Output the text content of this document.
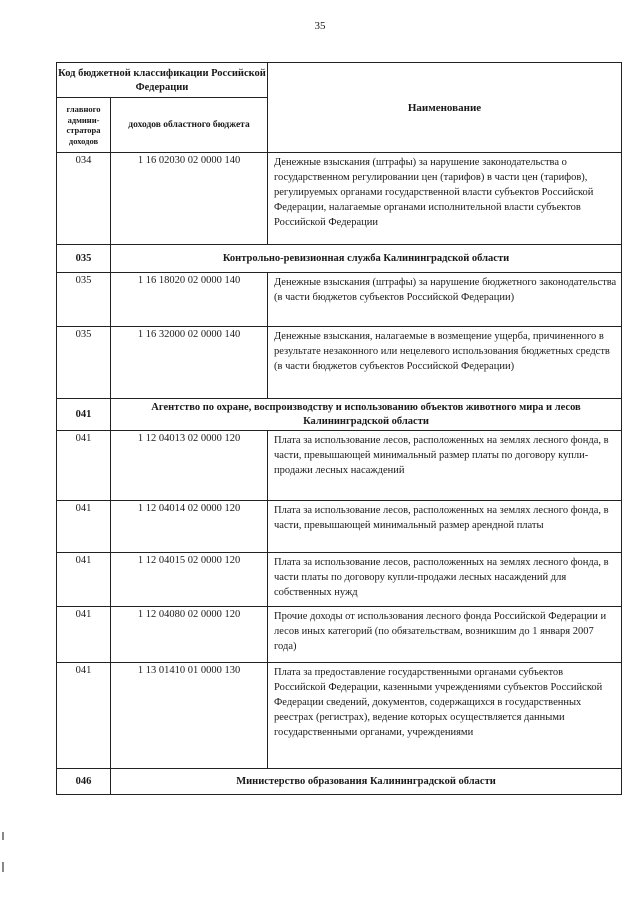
35
Код бюджетной классификации Российской Федерации		Наименование
главного админи-стратора доходов	доходов областного бюджета	
034	1 16 02030 02 0000 140	Денежные взыскания (штрафы) за нарушение законодательства о государственном регулировании цен (тарифов) в части цен (тарифов), регулируемых органами государственной власти субъектов Российской Федерации, налагаемые органами исполнительной власти субъектов Российской Федерации
035	Контрольно-ревизионная служба Калининградской области	
035	1 16 18020 02 0000 140	Денежные взыскания (штрафы) за нарушение бюджетного законодательства (в части бюджетов субъектов Российской Федерации)
035	1 16 32000 02 0000 140	Денежные взыскания, налагаемые в возмещение ущерба, причиненного в результате незаконного или нецелевого использования бюджетных средств (в части бюджетов субъектов Российской Федерации)
041	Агентство по охране, воспроизводству и использованию объектов животного мира и лесов Калининградской области	
041	1 12 04013 02 0000 120	Плата за использование лесов, расположенных на землях лесного фонда, в части, превышающей минимальный размер платы по договору купли-продажи лесных насаждений
041	1 12 04014 02 0000 120	Плата за использование лесов, расположенных на землях лесного фонда, в части, превышающей минимальный размер арендной платы
041	1 12 04015 02 0000 120	Плата за использование лесов, расположенных на землях лесного фонда, в части платы по договору купли-продажи лесных насаждений для собственных нужд
041	1 12 04080 02 0000 120	Прочие доходы от использования лесного фонда Российской Федерации и лесов иных категорий (по обязательствам, возникшим до 1 января 2007 года)
041	1 13 01410 01 0000 130	Плата за предоставление государственными органами субъектов Российской Федерации, казенными учреждениями субъектов Российской Федерации сведений, документов, содержащихся в государственных реестрах (регистрах), ведение которых осуществляется данными государственными органами, учреждениями
046	Министерство образования Калининградской области	
